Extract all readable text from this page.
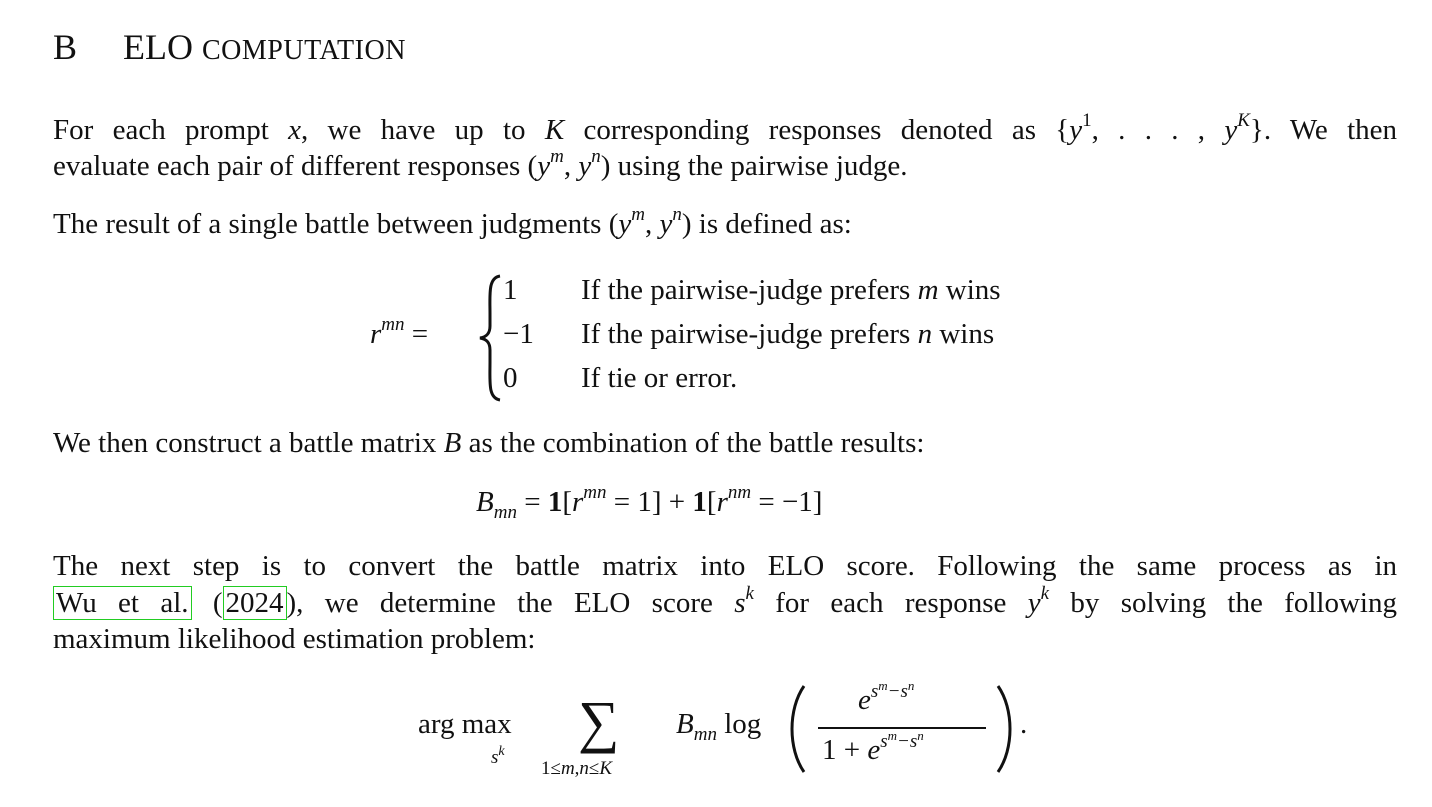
B ELO COMPUTATION
For each prompt x, we have up to K corresponding responses denoted as {$y^1$, . . . , $y^K$}. We then
evaluate each pair of different responses ($y^m$, $y^n$) using the pairwise judge.
The result of a single battle between judgments ($y^m$, $y^n$) is defined as:
$r^{mn}$ =
1 If the pairwise-judge prefers m wins
−1 If the pairwise-judge prefers n wins
0 If tie or error.
We then construct a battle matrix B as the combination of the battle results:
$B_{mn} = 1[r^{mn} = 1] + 1[r^{nm} = -1]$
The next step is to convert the battle matrix into ELO score. Following the same process as in
Wu et al. ( 2024 ), we determine the ELO score $s^k$ for each response $y^k$ by solving the following
maximum likelihood estimation problem:
arg max
$s^k$ ∑
1≤m,n≤K
$B_{mn}$ log
$e^{s^m-s^n}$
$1 + e^{s^m-s^n}$	.
